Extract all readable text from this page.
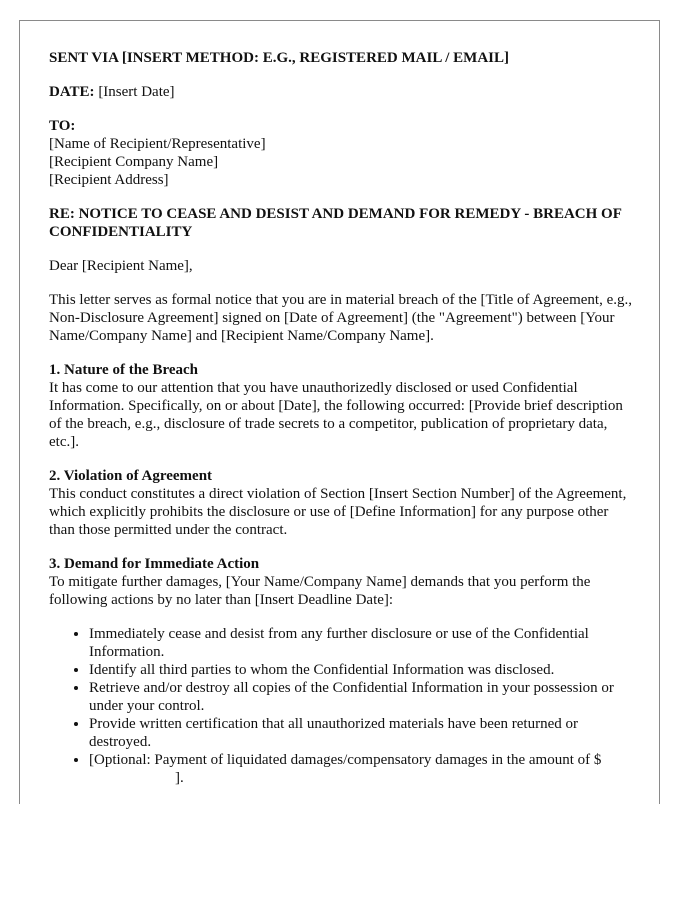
SENT VIA [INSERT METHOD: E.G., REGISTERED MAIL / EMAIL]

DATE: [Insert Date]

TO:

[Name of Recipient/Representative]

[Recipient Company Name]

[Recipient Address]

RE: NOTICE TO CEASE AND DESIST AND DEMAND FOR REMEDY - BREACH OF CONFIDENTIALITY

Dear [Recipient Name],

This letter serves as formal notice that you are in material breach of the [Title of Agreement, e.g., Non-Disclosure Agreement] signed on [Date of Agreement] (the "Agreement") between [Your Name/Company Name] and [Recipient Name/Company Name].

1. Nature of the Breach

It has come to our attention that you have unauthorizedly disclosed or used Confidential Information. Specifically, on or about [Date], the following occurred: [Provide brief description of the breach, e.g., disclosure of trade secrets to a competitor, publication of proprietary data, etc.].

2. Violation of Agreement

This conduct constitutes a direct violation of Section [Insert Section Number] of the Agreement, which explicitly prohibits the disclosure or use of [Define Information] for any purpose other than those permitted under the contract.

3. Demand for Immediate Action

To mitigate further damages, [Your Name/Company Name] demands that you perform the following actions by no later than [Insert Deadline Date]:

• Immediately cease and desist from any further disclosure or use of the Confidential Information.
• Identify all third parties to whom the Confidential Information was disclosed.
• Retrieve and/or destroy all copies of the Confidential Information in your possession or under your control.
• Provide written certification that all unauthorized materials have been returned or destroyed.
• [Optional: Payment of liquidated damages/compensatory damages in the amount of $].
